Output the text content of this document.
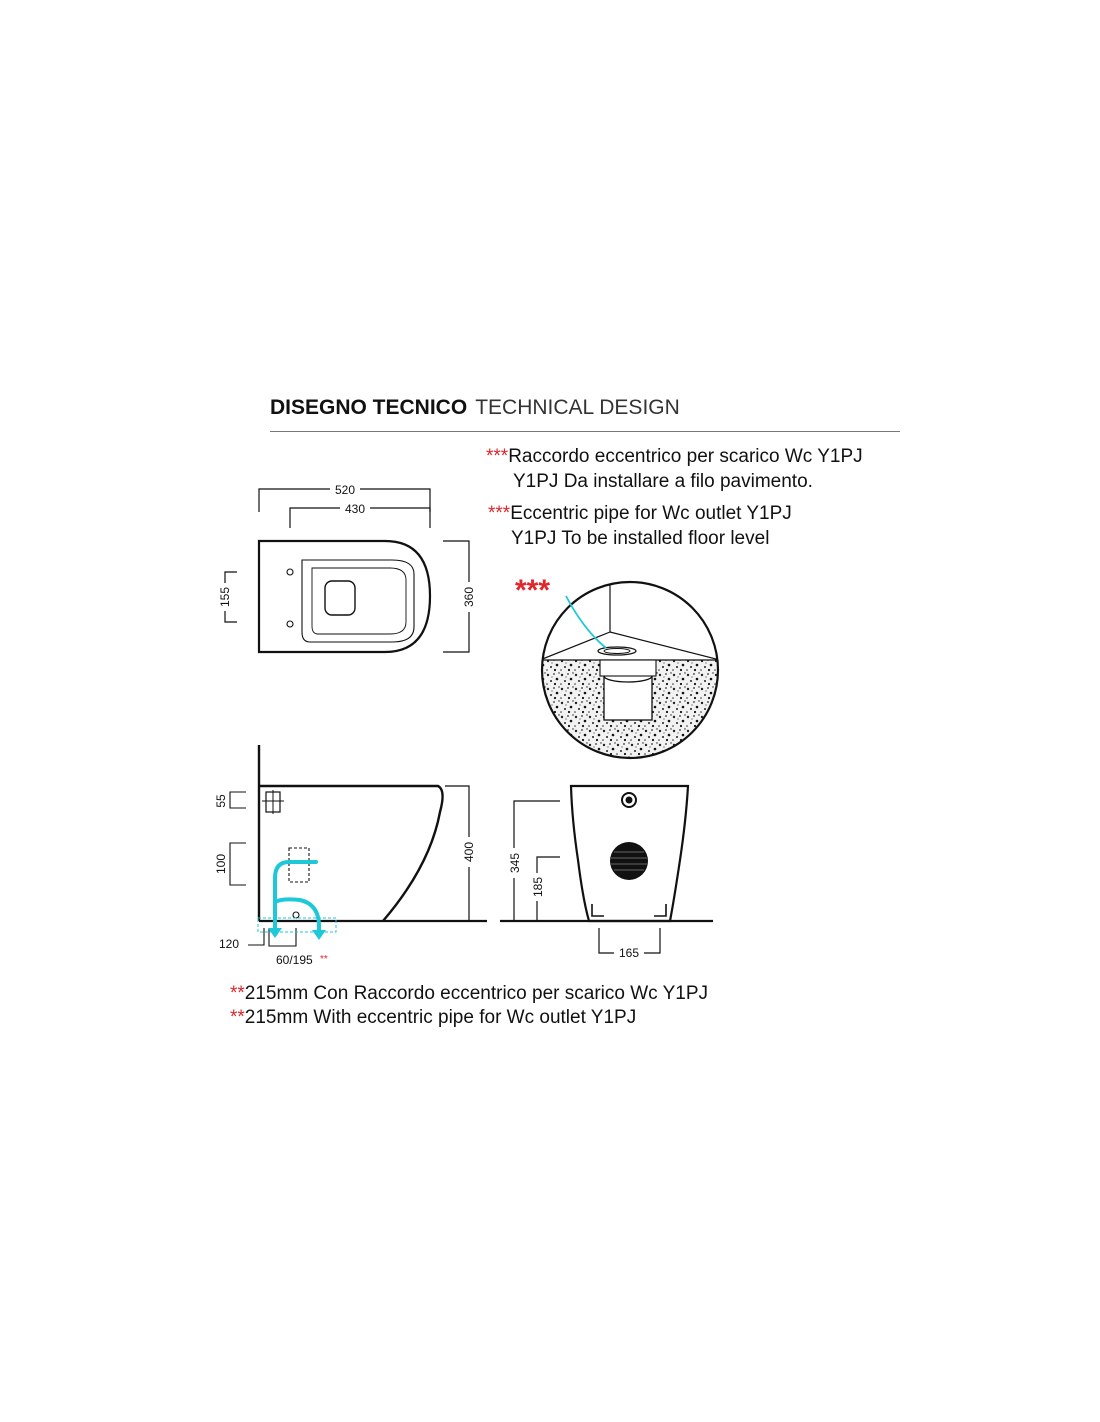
DISEGNO TECNICO TECHNICAL DESIGN
***Raccordo eccentrico per scarico Wc Y1PJ
Y1PJ Da installare a filo pavimento.
***Eccentric pipe for Wc outlet Y1PJ
Y1PJ To be installed floor level
**215mm Con Raccordo eccentrico per scarico Wc Y1PJ
**215mm With eccentric pipe for Wc outlet Y1PJ
520
430
360
155	***
55
100
400
120
60/195 **
345
185
165
